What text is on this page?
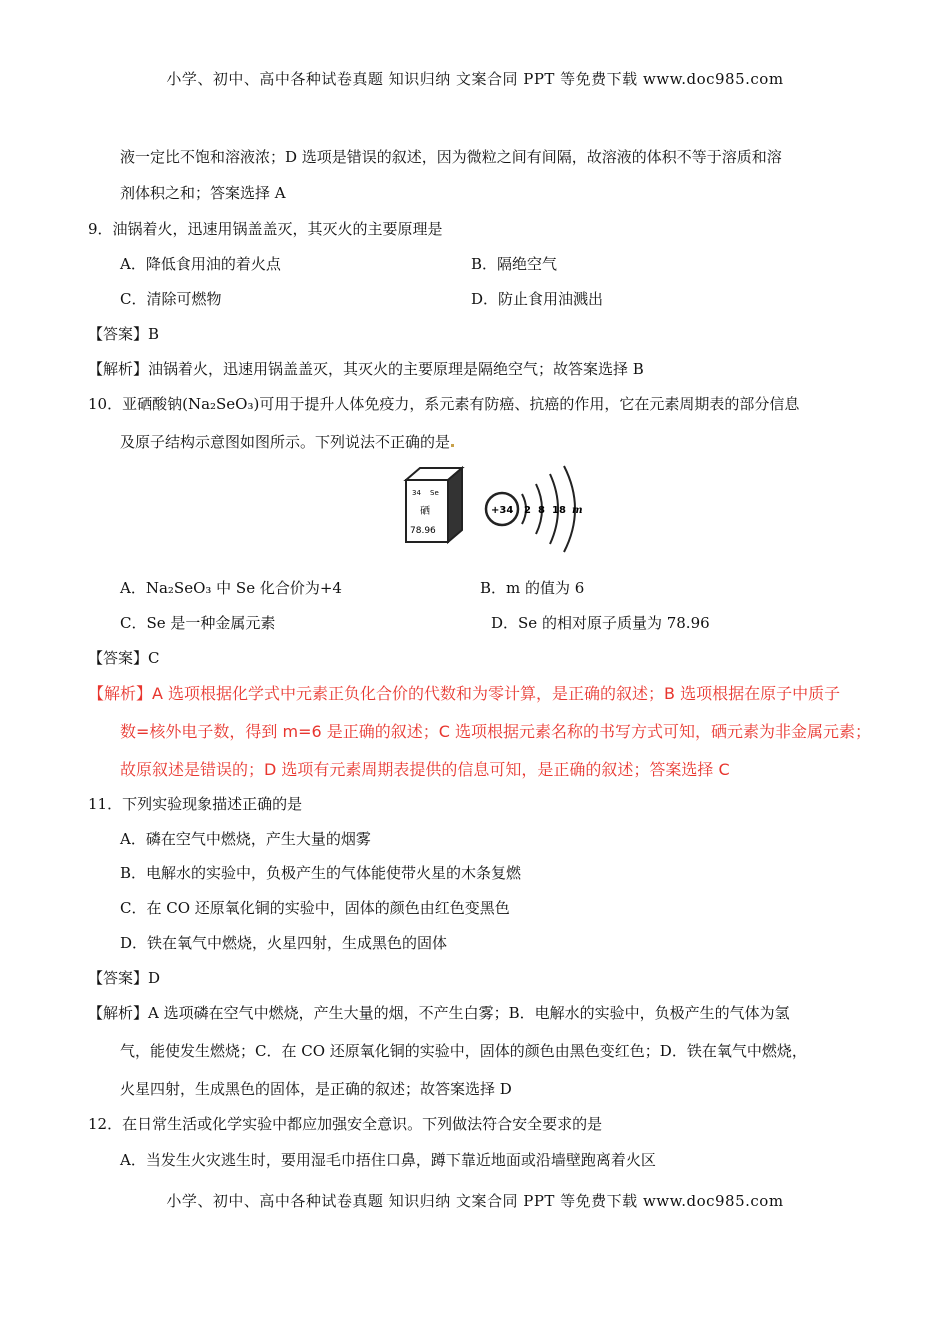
小学、初中、高中各种试卷真题 知识归纳 文案合同 PPT 等免费下载 www.doc985.com
液一定比不饱和溶液浓；D 选项是错误的叙述，因为微粒之间有间隔，故溶液的体积不等于溶质和溶
剂体积之和；答案选择 A
9．油锅着火，迅速用锅盖盖灭，其灭火的主要原理是
A．降低食用油的着火点	B．隔绝空气
C．清除可燃物	D．防止食用油溅出
【答案】B
【解析】油锅着火，迅速用锅盖盖灭，其灭火的主要原理是隔绝空气；故答案选择 B
10．亚硒酸钠(Na₂SeO₃)可用于提升人体免疫力，系元素有防癌、抗癌的作用，它在元素周期表的部分信息
及原子结构示意图如图所示。下列说法不正确的是
34 Se
硒
78.96
+34 2 8 18 m
A．Na₂SeO₃ 中 Se 化合价为+4	B．m 的值为 6
C．Se 是一种金属元素	D．Se 的相对原子质量为 78.96
【答案】C
【解析】A 选项根据化学式中元素正负化合价的代数和为零计算，是正确的叙述；B 选项根据在原子中质子
数=核外电子数，得到 m=6 是正确的叙述；C 选项根据元素名称的书写方式可知，硒元素为非金属元素；
故原叙述是错误的；D 选项有元素周期表提供的信息可知，是正确的叙述；答案选择 C
11．下列实验现象描述正确的是
A．磷在空气中燃烧，产生大量的烟雾
B．电解水的实验中，负极产生的气体能使带火星的木条复燃
C．在 CO 还原氧化铜的实验中，固体的颜色由红色变黑色
D．铁在氧气中燃烧，火星四射，生成黑色的固体
【答案】D
【解析】A 选项磷在空气中燃烧，产生大量的烟，不产生白雾；B．电解水的实验中，负极产生的气体为氢
气，能使发生燃烧；C．在 CO 还原氧化铜的实验中，固体的颜色由黑色变红色；D．铁在氧气中燃烧，
火星四射，生成黑色的固体，是正确的叙述；故答案选择 D
12．在日常生活或化学实验中都应加强安全意识。下列做法符合安全要求的是
A．当发生火灾逃生时，要用湿毛巾捂住口鼻，蹲下靠近地面或沿墙壁跑离着火区
小学、初中、高中各种试卷真题 知识归纳 文案合同 PPT 等免费下载 www.doc985.com
